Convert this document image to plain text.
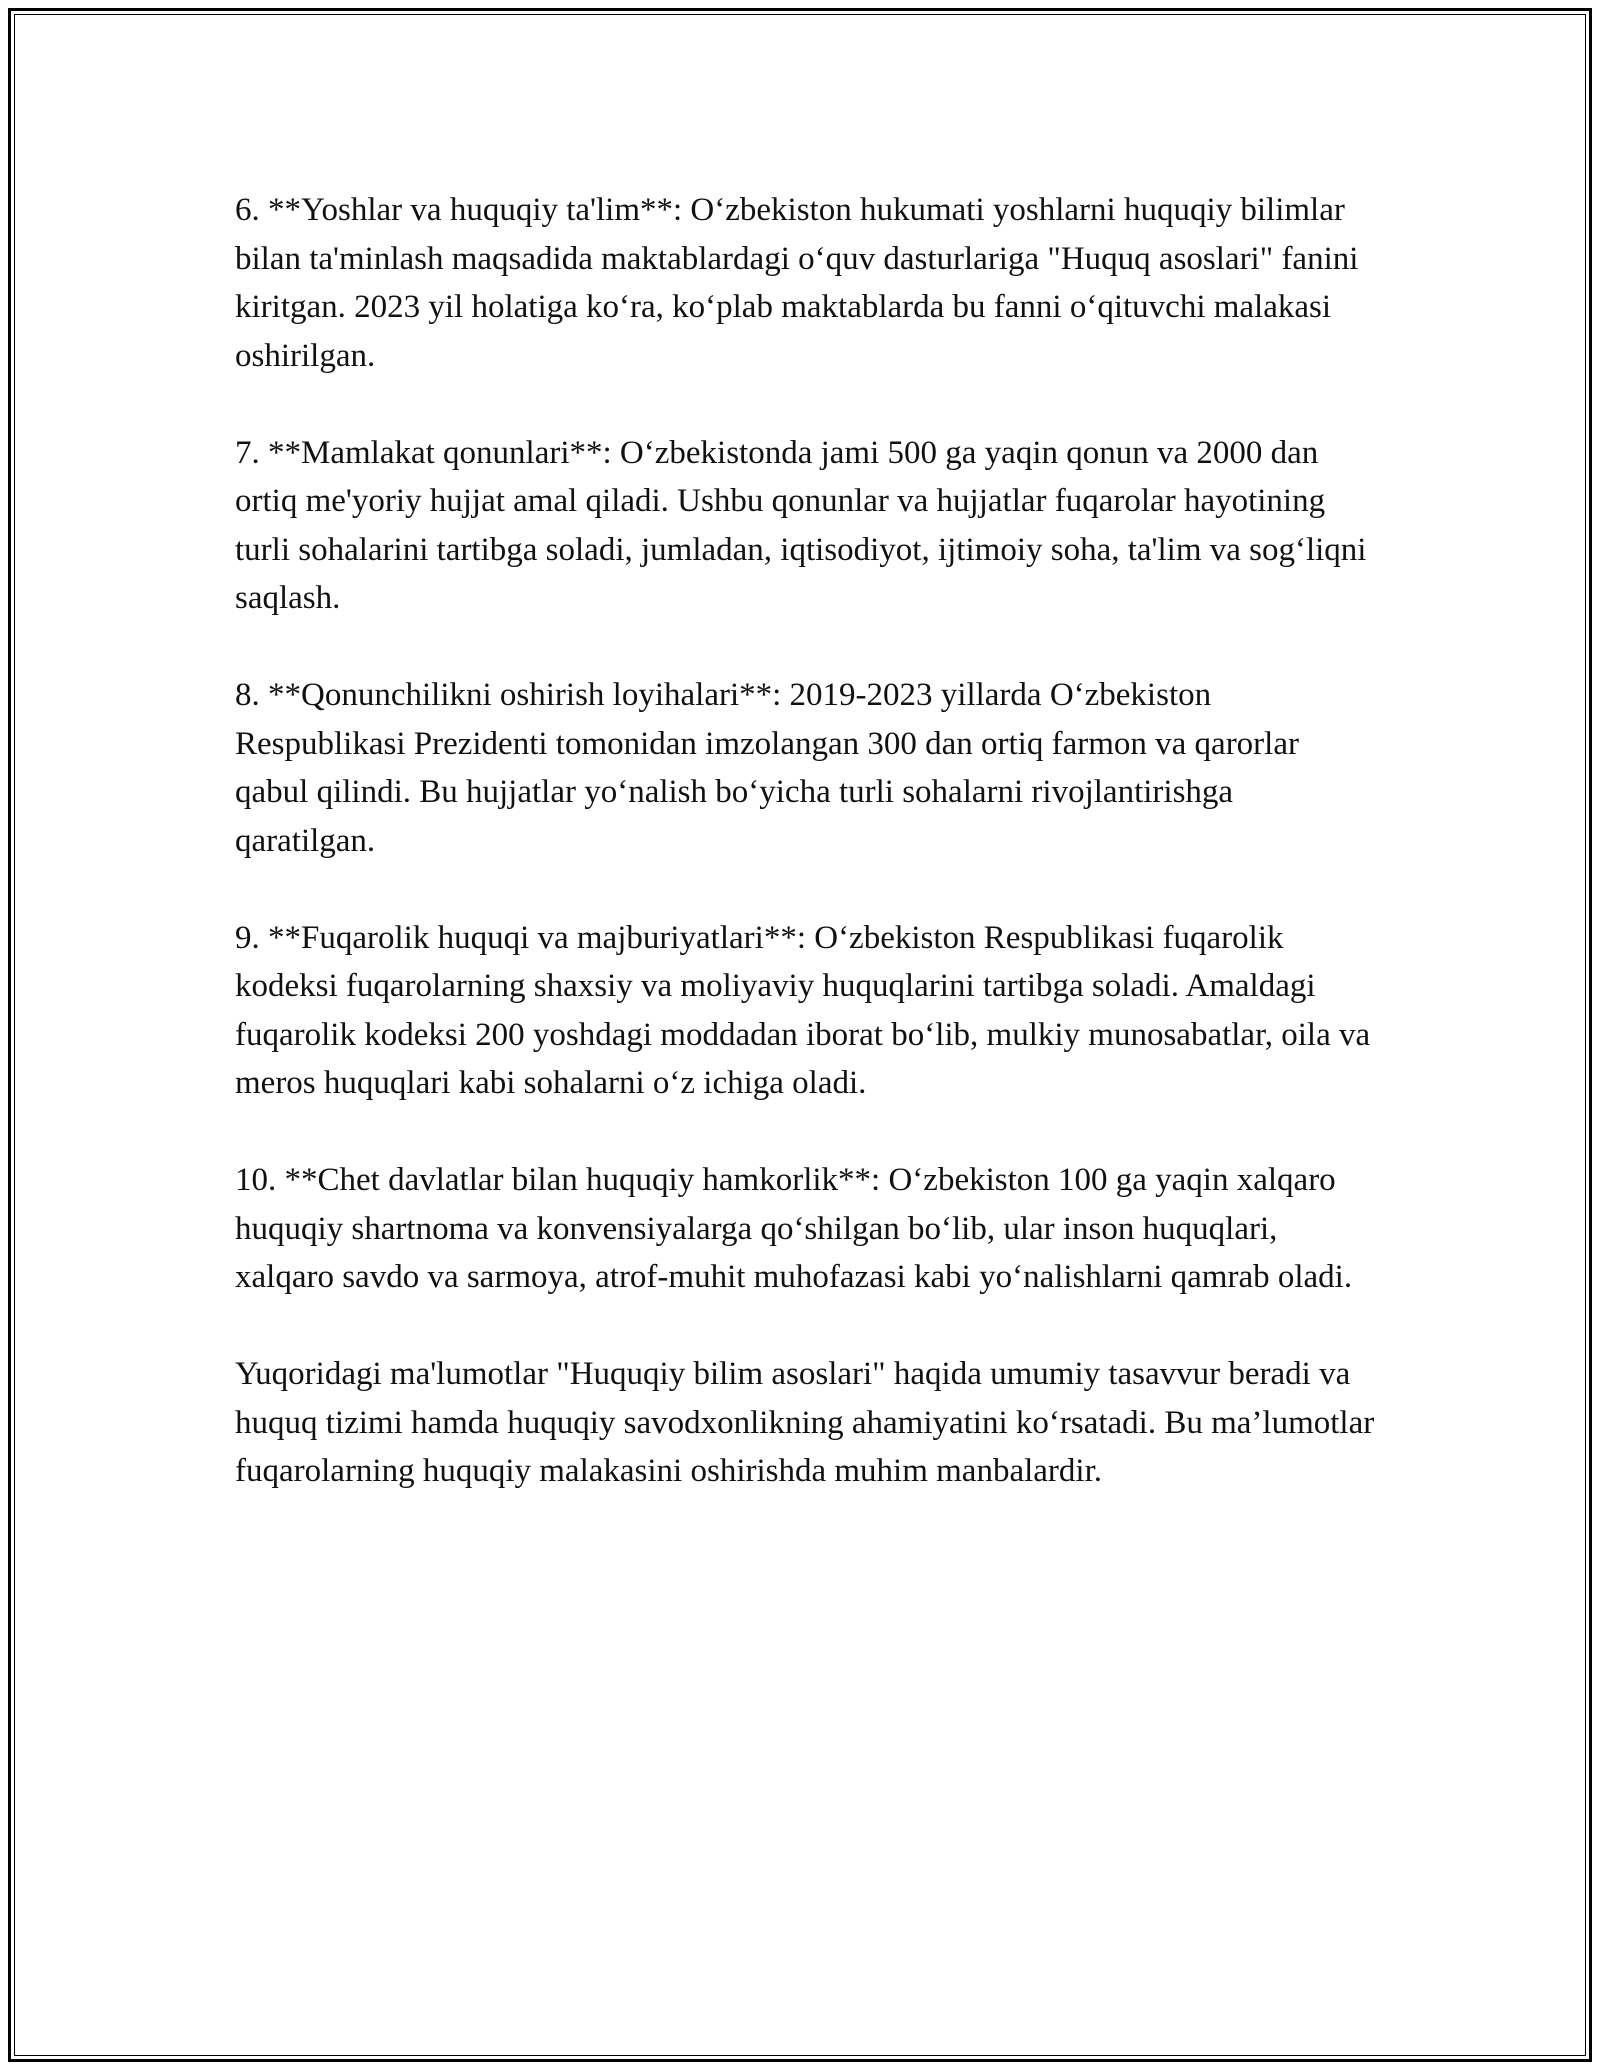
6. **Yoshlar va huquqiy ta'lim**: O‘zbekiston hukumati yoshlarni huquqiy bilimlar bilan ta'minlash maqsadida maktablardagi o‘quv dasturlariga "Huquq asoslari" fanini kiritgan. 2023 yil holatiga ko‘ra, ko‘plab maktablarda bu fanni o‘qituvchi malakasi oshirilgan.

7. **Mamlakat qonunlari**: O‘zbekistonda jami 500 ga yaqin qonun va 2000 dan ortiq me'yoriy hujjat amal qiladi. Ushbu qonunlar va hujjatlar fuqarolar hayotining turli sohalarini tartibga soladi, jumladan, iqtisodiyot, ijtimoiy soha, ta'lim va sog‘liqni saqlash.

8. **Qonunchilikni oshirish loyihalari**: 2019-2023 yillarda O‘zbekiston Respublikasi Prezidenti tomonidan imzolangan 300 dan ortiq farmon va qarorlar qabul qilindi. Bu hujjatlar yo‘nalish bo‘yicha turli sohalarni rivojlantirishga qaratilgan.

9. **Fuqarolik huquqi va majburiyatlari**: O‘zbekiston Respublikasi fuqarolik kodeksi fuqarolarning shaxsiy va moliyaviy huquqlarini tartibga soladi. Amaldagi fuqarolik kodeksi 200 yoshdagi moddadan iborat bo‘lib, mulkiy munosabatlar, oila va meros huquqlari kabi sohalarni o‘z ichiga oladi.

10. **Chet davlatlar bilan huquqiy hamkorlik**: O‘zbekiston 100 ga yaqin xalqaro huquqiy shartnoma va konvensiyalarga qo‘shilgan bo‘lib, ular inson huquqlari, xalqaro savdo va sarmoya, atrof-muhit muhofazasi kabi yo‘nalishlarni qamrab oladi.

Yuqoridagi ma'lumotlar "Huquqiy bilim asoslari" haqida umumiy tasavvur beradi va huquq tizimi hamda huquqiy savodxonlikning ahamiyatini ko‘rsatadi. Bu ma’lumotlar fuqarolarning huquqiy malakasini oshirishda muhim manbalardir.
